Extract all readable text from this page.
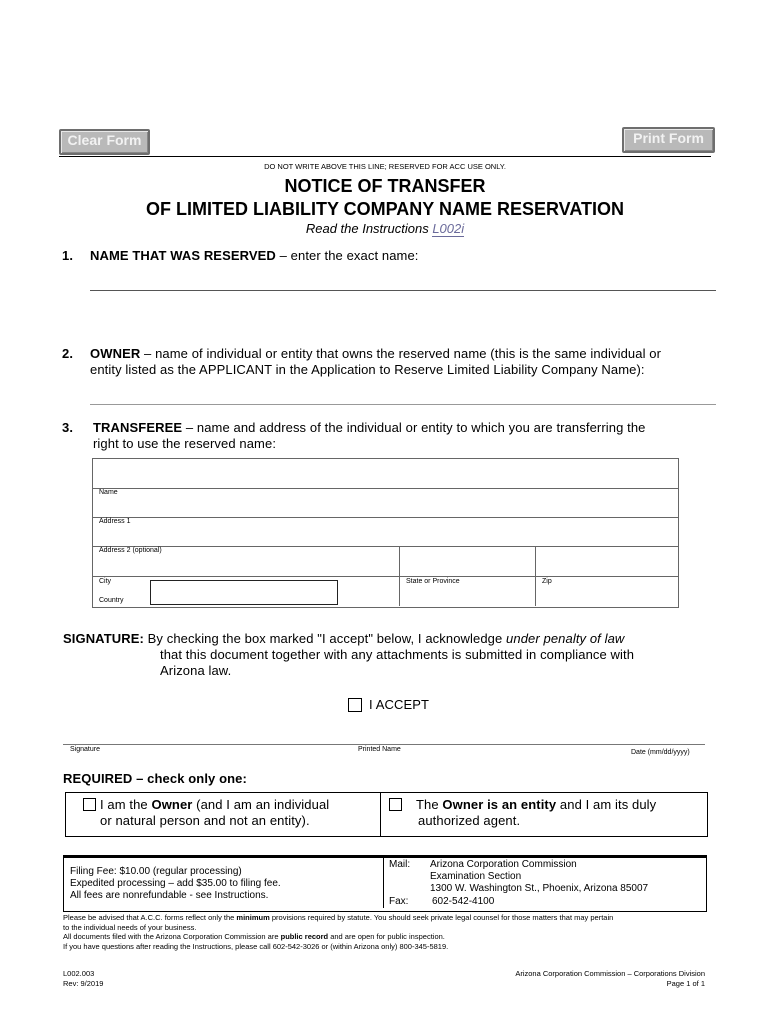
Clear Form	Print Form
DO NOT WRITE ABOVE THIS LINE; RESERVED FOR ACC USE ONLY.
NOTICE OF TRANSFER
OF LIMITED LIABILITY COMPANY NAME RESERVATION
Read the Instructions L002i
1. NAME THAT WAS RESERVED – enter the exact name:
2. OWNER – name of individual or entity that owns the reserved name (this is the same individual or
entity listed as the APPLICANT in the Application to Reserve Limited Liability Company Name):
3. TRANSFEREE – name and address of the individual or entity to which you are transferring the
right to use the reserved name:
Name
Address 1
Address 2 (optional)
City	State or Province	Zip
Country
SIGNATURE: By checking the box marked "I accept" below, I acknowledge under penalty of law
that this document together with any attachments is submitted in compliance with
Arizona law.
I ACCEPT
Signature	Printed Name	Date (mm/dd/yyyy)
REQUIRED – check only one:
I am the Owner (and I am an individual
or natural person and not an entity).
The Owner is an entity and I am its duly
authorized agent.
Filing Fee: $10.00 (regular processing)
Expedited processing – add $35.00 to filing fee.
All fees are nonrefundable - see Instructions.
Mail: Arizona Corporation Commission
Examination Section
1300 W. Washington St., Phoenix, Arizona 85007
Fax: 602-542-4100
Please be advised that A.C.C. forms reflect only the minimum provisions required by statute. You should seek private legal counsel for those matters that may pertain
to the individual needs of your business.
All documents filed with the Arizona Corporation Commission are public record and are open for public inspection.
If you have questions after reading the Instructions, please call 602-542-3026 or (within Arizona only) 800-345-5819.
L002.003
Rev: 9/2019
Arizona Corporation Commission – Corporations Division
Page 1 of 1
